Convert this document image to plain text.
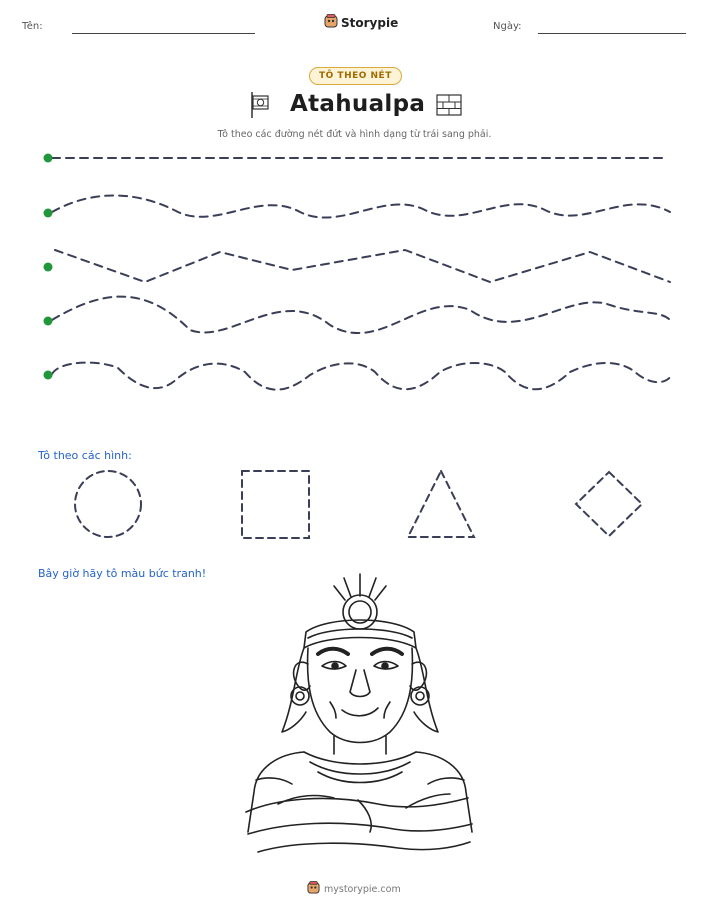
Tên:	Storypie	Ngày:
TÔ THEO NÉT
Atahualpa
Tô theo các đường nét đứt và hình dạng từ trái sang phải.
Tô theo các hình:
Bây giờ hãy tô màu bức tranh!
mystorypie.com
